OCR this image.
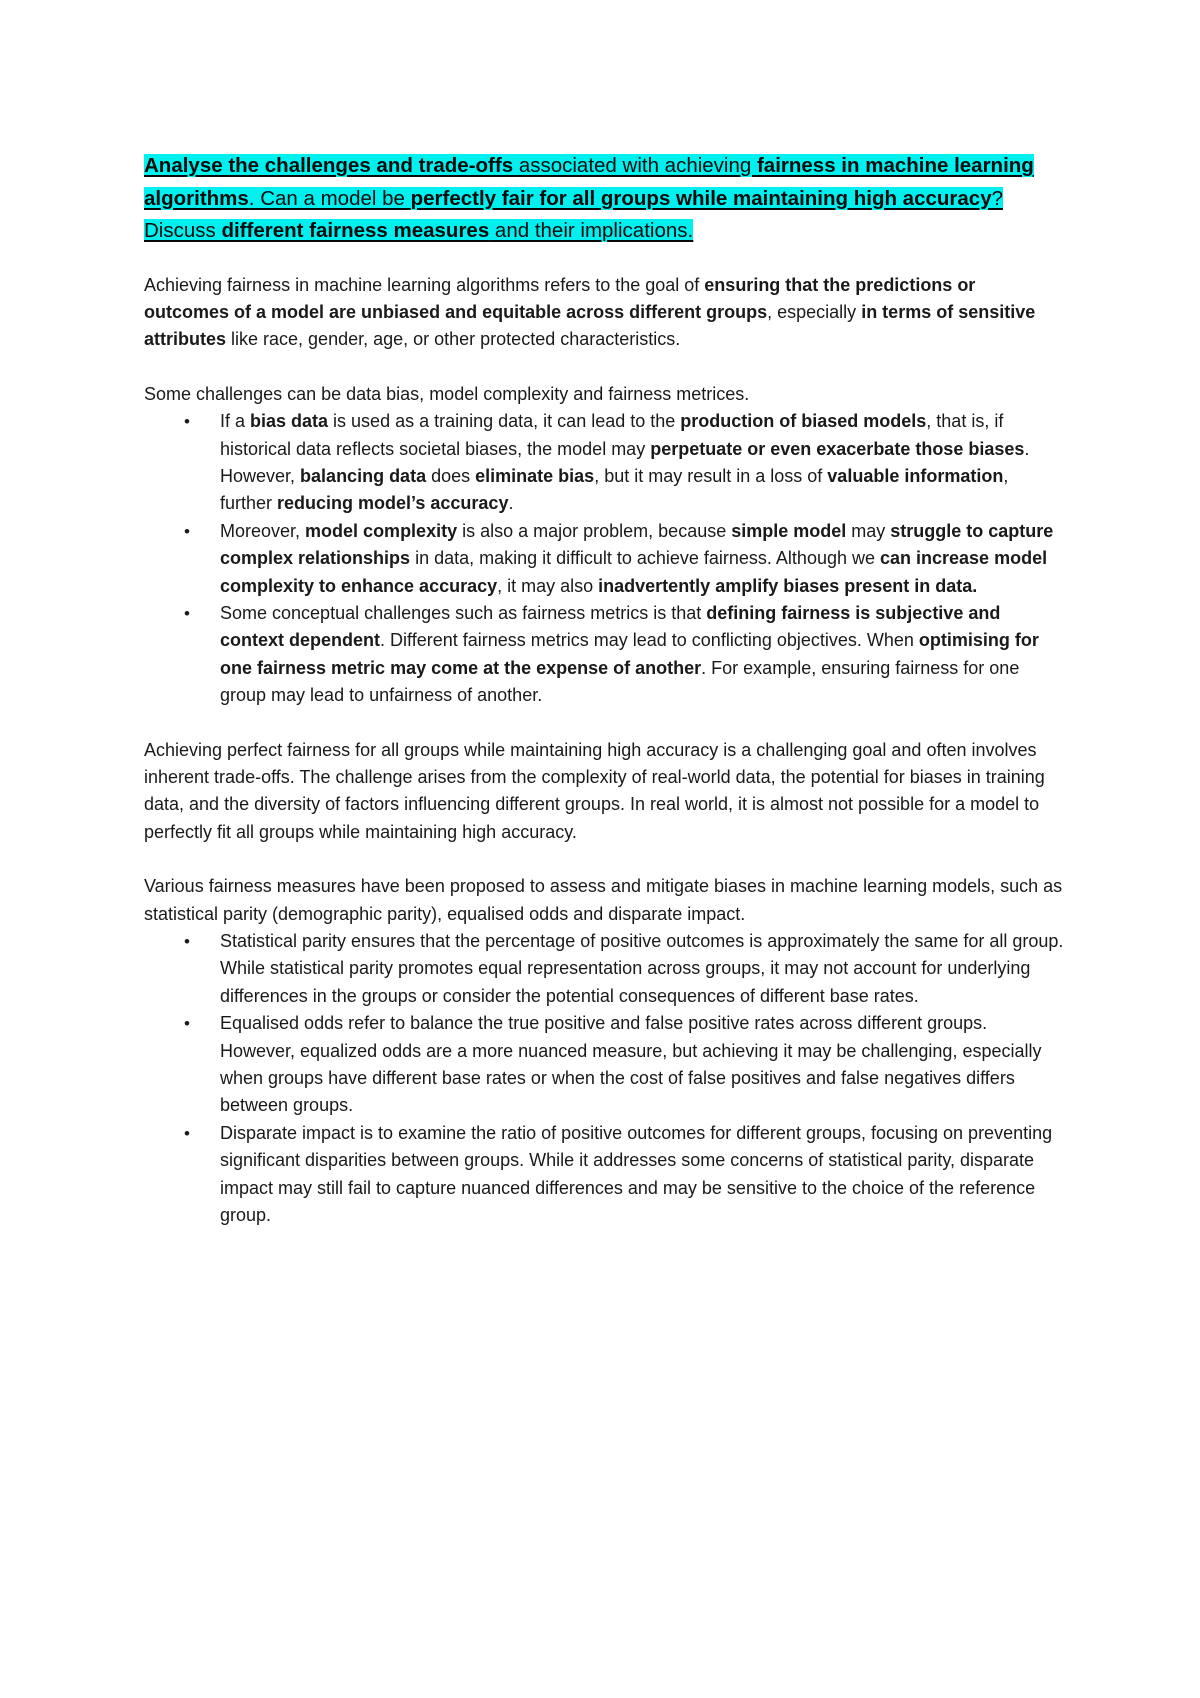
Analyse the challenges and trade-offs associated with achieving fairness in machine learning algorithms. Can a model be perfectly fair for all groups while maintaining high accuracy? Discuss different fairness measures and their implications.

Achieving fairness in machine learning algorithms refers to the goal of ensuring that the predictions or outcomes of a model are unbiased and equitable across different groups, especially in terms of sensitive attributes like race, gender, age, or other protected characteristics.

Some challenges can be data bias, model complexity and fairness metrices.

• If a bias data is used as a training data, it can lead to the production of biased models, that is, if historical data reflects societal biases, the model may perpetuate or even exacerbate those biases. However, balancing data does eliminate bias, but it may result in a loss of valuable information, further reducing model’s accuracy.
• Moreover, model complexity is also a major problem, because simple model may struggle to capture complex relationships in data, making it difficult to achieve fairness. Although we can increase model complexity to enhance accuracy, it may also inadvertently amplify biases present in data.
• Some conceptual challenges such as fairness metrics is that defining fairness is subjective and context dependent. Different fairness metrics may lead to conflicting objectives. When optimising for one fairness metric may come at the expense of another. For example, ensuring fairness for one group may lead to unfairness of another.

Achieving perfect fairness for all groups while maintaining high accuracy is a challenging goal and often involves inherent trade-offs. The challenge arises from the complexity of real-world data, the potential for biases in training data, and the diversity of factors influencing different groups. In real world, it is almost not possible for a model to perfectly fit all groups while maintaining high accuracy.

Various fairness measures have been proposed to assess and mitigate biases in machine learning models, such as statistical parity (demographic parity), equalised odds and disparate impact.

• Statistical parity ensures that the percentage of positive outcomes is approximately the same for all group. While statistical parity promotes equal representation across groups, it may not account for underlying differences in the groups or consider the potential consequences of different base rates.
• Equalised odds refer to balance the true positive and false positive rates across different groups. However, equalized odds are a more nuanced measure, but achieving it may be challenging, especially when groups have different base rates or when the cost of false positives and false negatives differs between groups.
• Disparate impact is to examine the ratio of positive outcomes for different groups, focusing on preventing significant disparities between groups. While it addresses some concerns of statistical parity, disparate impact may still fail to capture nuanced differences and may be sensitive to the choice of the reference group.
